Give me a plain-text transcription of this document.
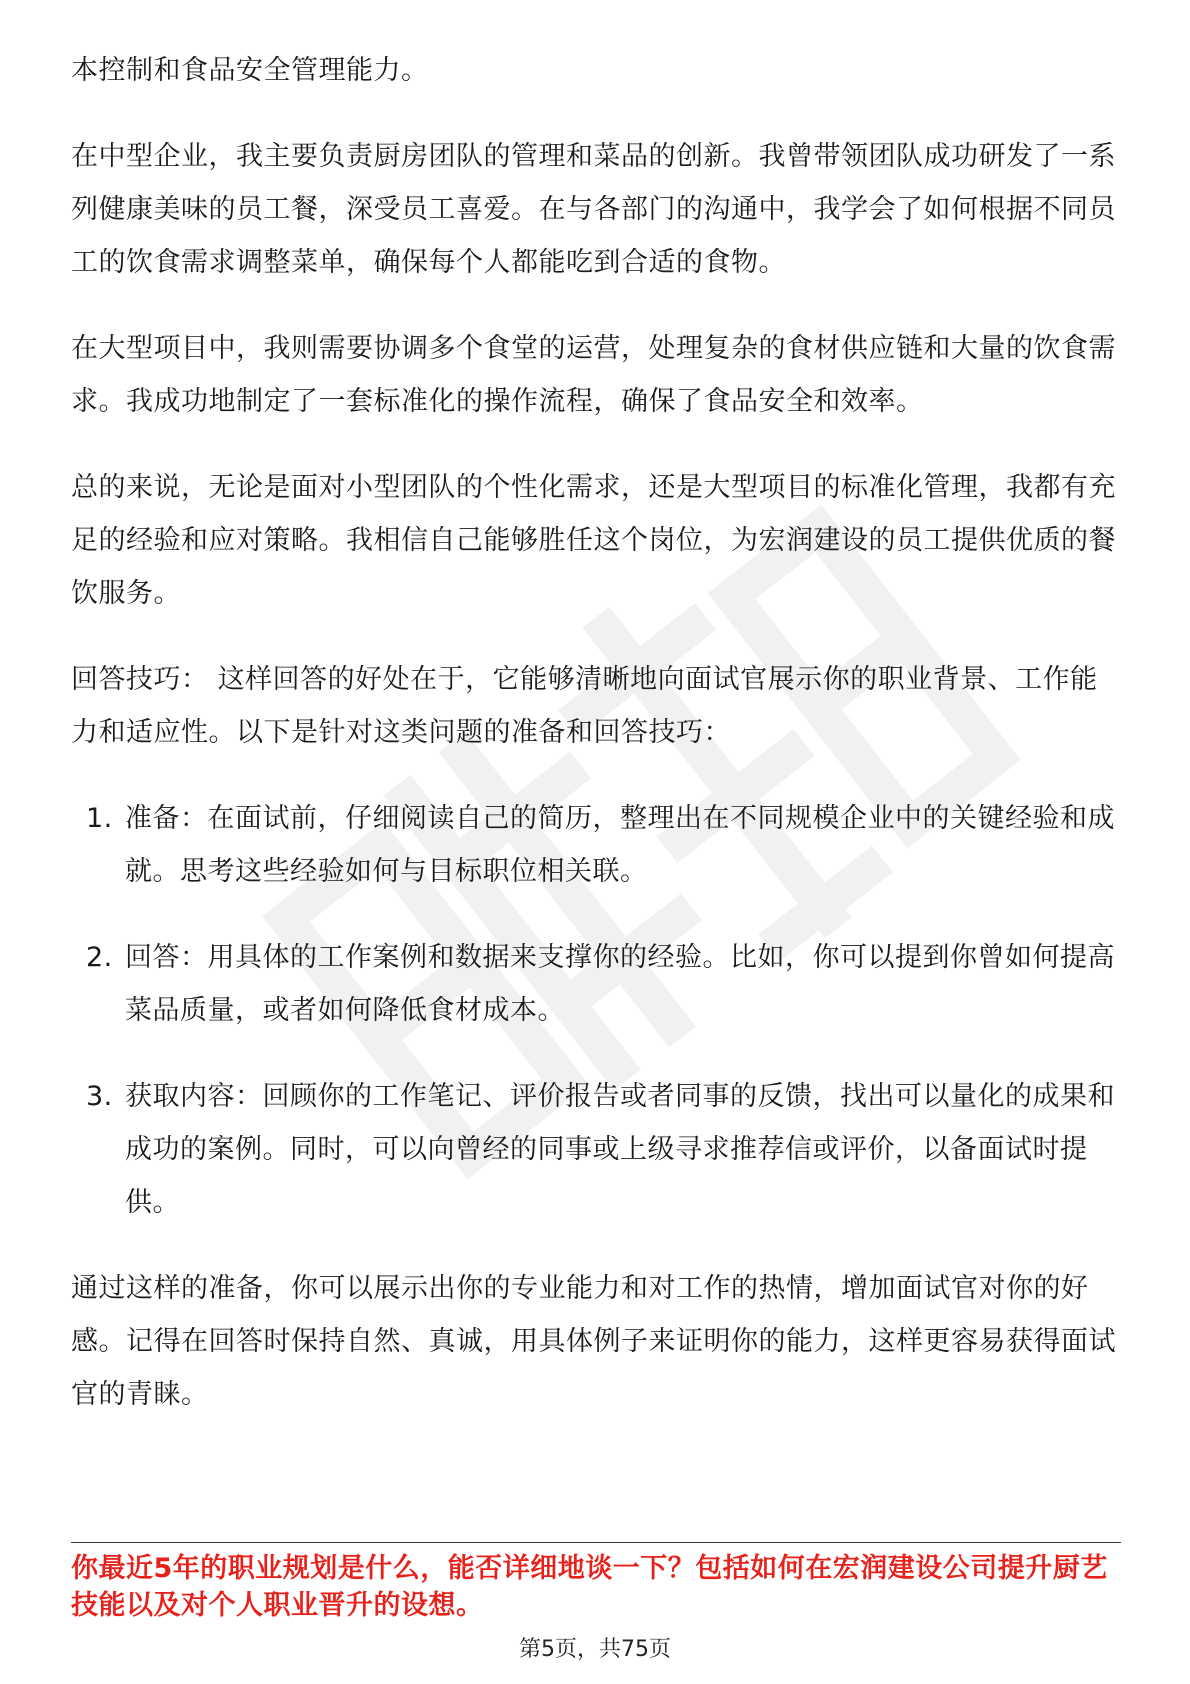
本控制和食品安全管理能力。

在中型企业，我主要负责厨房团队的管理和菜品的创新。我曾带领团队成功研发了一系列健康美味的员工餐，深受员工喜爱。在与各部门的沟通中，我学会了如何根据不同员工的饮食需求调整菜单，确保每个人都能吃到合适的食物。

在大型项目中，我则需要协调多个食堂的运营，处理复杂的食材供应链和大量的饮食需求。我成功地制定了一套标准化的操作流程，确保了食品安全和效率。

总的来说，无论是面对小型团队的个性化需求，还是大型项目的标准化管理，我都有充足的经验和应对策略。我相信自己能够胜任这个岗位，为宏润建设的员工提供优质的餐饮服务。

回答技巧： 这样回答的好处在于，它能够清晰地向面试官展示你的职业背景、工作能力和适应性。以下是针对这类问题的准备和回答技巧：

1. 准备：在面试前，仔细阅读自己的简历，整理出在不同规模企业中的关键经验和成就。思考这些经验如何与目标职位相关联。
2. 回答：用具体的工作案例和数据来支撑你的经验。比如，你可以提到你曾如何提高菜品质量，或者如何降低食材成本。
3. 获取内容：回顾你的工作笔记、评价报告或者同事的反馈，找出可以量化的成果和成功的案例。同时，可以向曾经的同事或上级寻求推荐信或评价，以备面试时提供。

通过这样的准备，你可以展示出你的专业能力和对工作的热情，增加面试官对你的好感。记得在回答时保持自然、真诚，用具体例子来证明你的能力，这样更容易获得面试官的青睐。

你最近5年的职业规划是什么，能否详细地谈一下？包括如何在宏润建设公司提升厨艺技能以及对个人职业晋升的设想。
第5页，共75页
